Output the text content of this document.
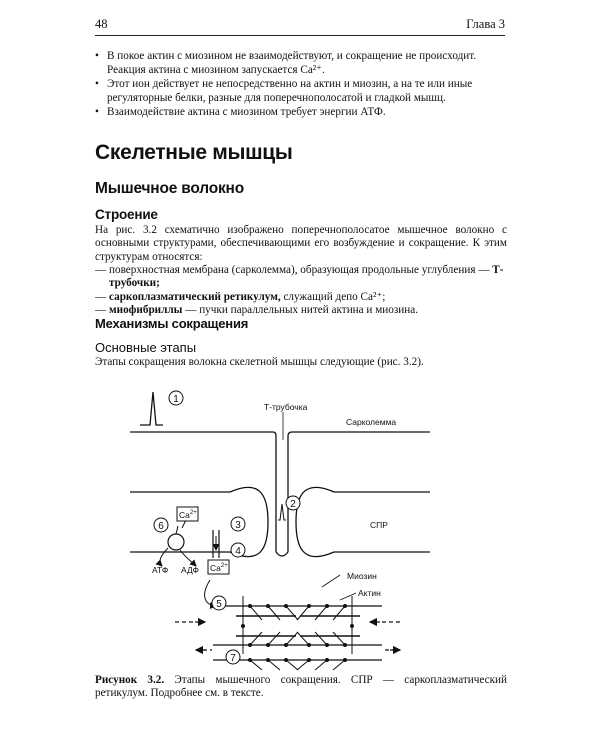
48	Глава 3
• В покое актин с миозином не взаимодействуют, и сокращение не происходит. Реакция актина с миозином запускается Ca²⁺.
• Этот ион действует не непосредственно на актин и миозин, а на те или иные регуляторные белки, разные для поперечнополосатой и гладкой мышц.
• Взаимодействие актина с миозином требует энергии АТФ.
Скелетные мышцы
Мышечное волокно
Строение
На рис. 3.2 схематично изображено поперечнополосатое мышечное волокно с основными структурами, обеспечивающими его возбуждение и сокращение. К этим структурам относятся:
— поверхностная мембрана (сарколемма), образующая продольные углубления — Т-трубочки;
— саркоплазматический ретикулум, служащий депо Ca²⁺;
— миофибриллы — пучки параллельных нитей актина и миозина.
Механизмы сокращения
Основные этапы
Этапы сокращения волокна скелетной мышцы следующие (рис. 3.2).
1
2
3
4
6
5
7
Т-трубочка
Сарколемма
СПР
Миозин
Актин
АТФ АДФ
$Ca^{2+}$
$Ca^{2+}$
Рисунок 3.2. Этапы мышечного сокращения. СПР — саркоплазматический ретикулум. Подробнее см. в тексте.
